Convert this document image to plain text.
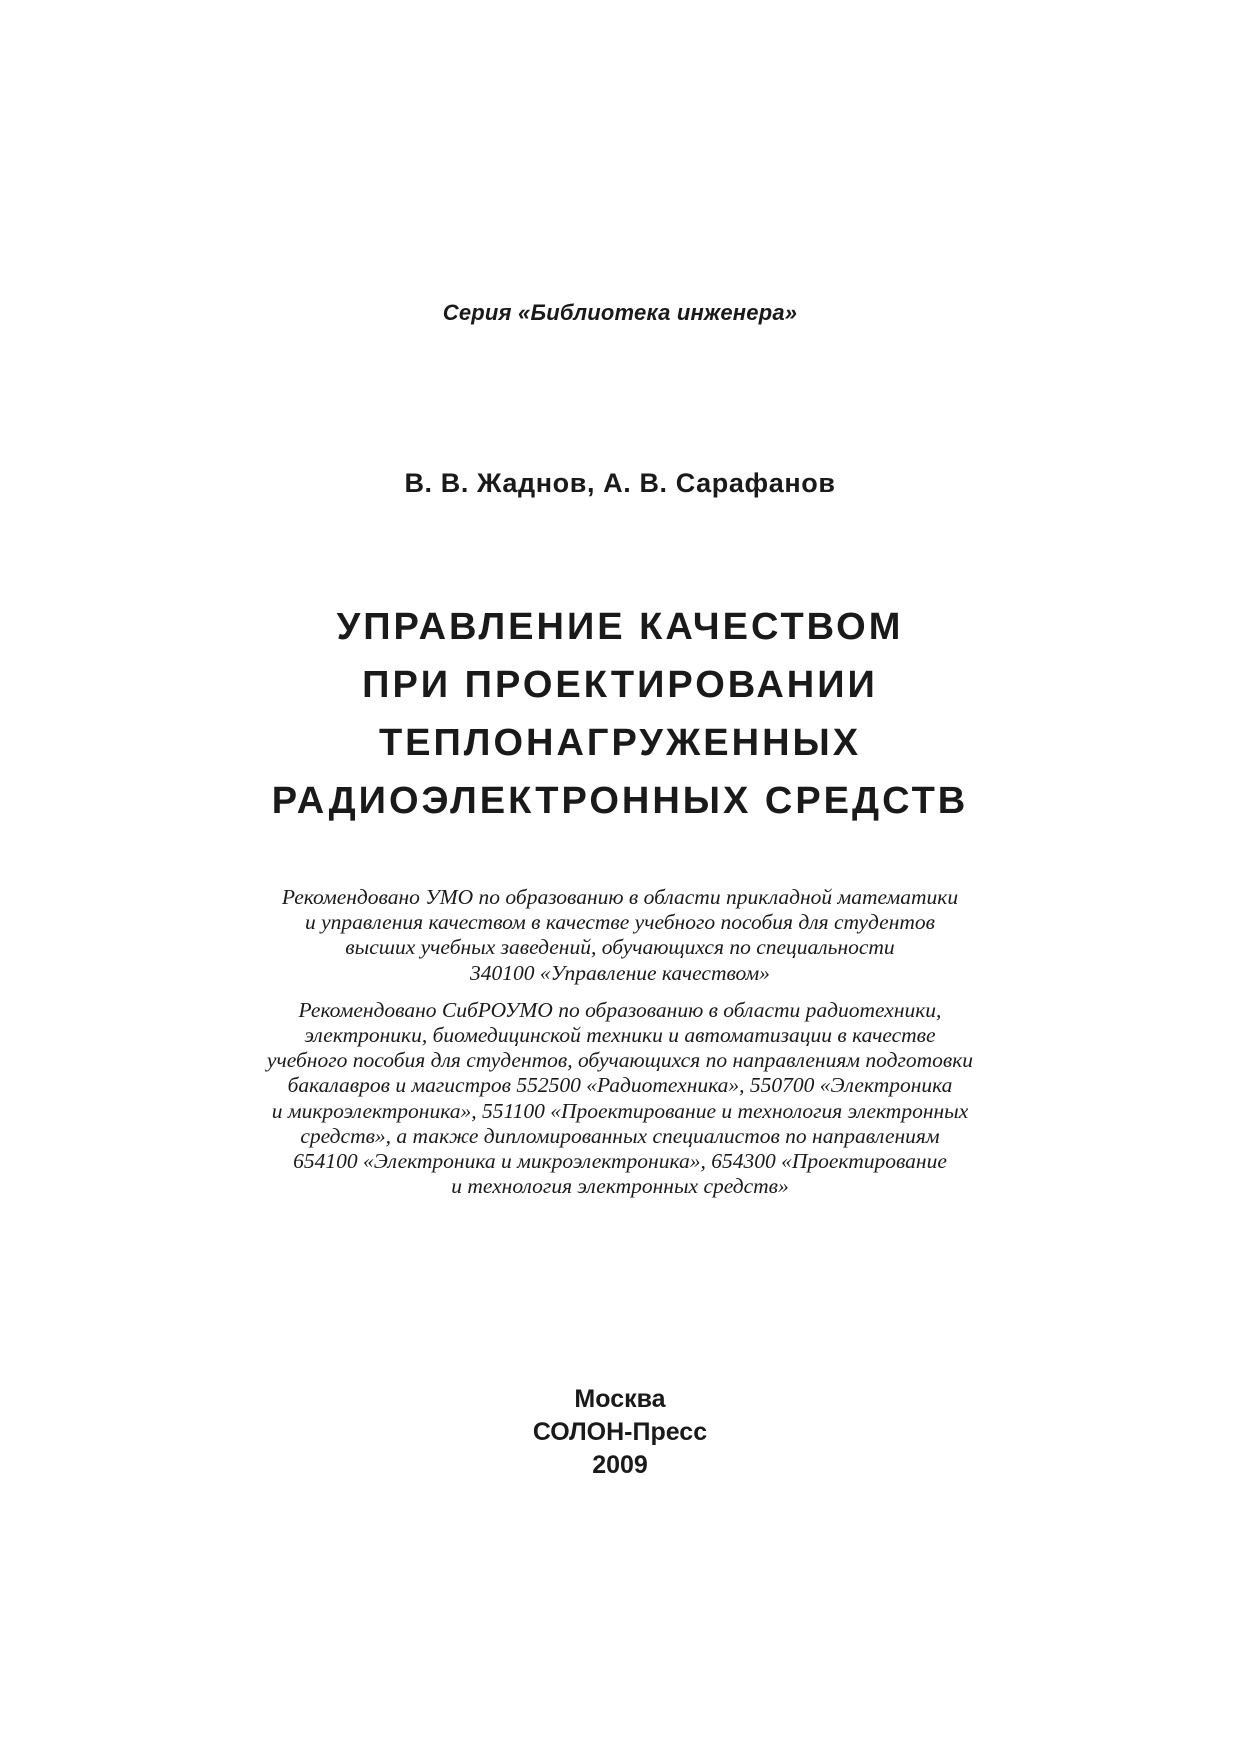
Серия «Библиотека инженера»
В. В. Жаднов, А. В. Сарафанов
УПРАВЛЕНИЕ КАЧЕСТВОМ
ПРИ ПРОЕКТИРОВАНИИ
ТЕПЛОНАГРУЖЕННЫХ
РАДИОЭЛЕКТРОННЫХ СРЕДСТВ
Рекомендовано УМО по образованию в области прикладной математики
и управления качеством в качестве учебного пособия для студентов
высших учебных заведений, обучающихся по специальности
340100 «Управление качеством»
Рекомендовано СибРОУМО по образованию в области радиотехники,
электроники, биомедицинской техники и автоматизации в качестве
учебного пособия для студентов, обучающихся по направлениям подготовки
бакалавров и магистров 552500 «Радиотехника», 550700 «Электроника
и микроэлектроника», 551100 «Проектирование и технология электронных
средств», а также дипломированных специалистов по направлениям
654100 «Электроника и микроэлектроника», 654300 «Проектирование
и технология электронных средств»
Москва
СОЛОН-Пресс
2009
